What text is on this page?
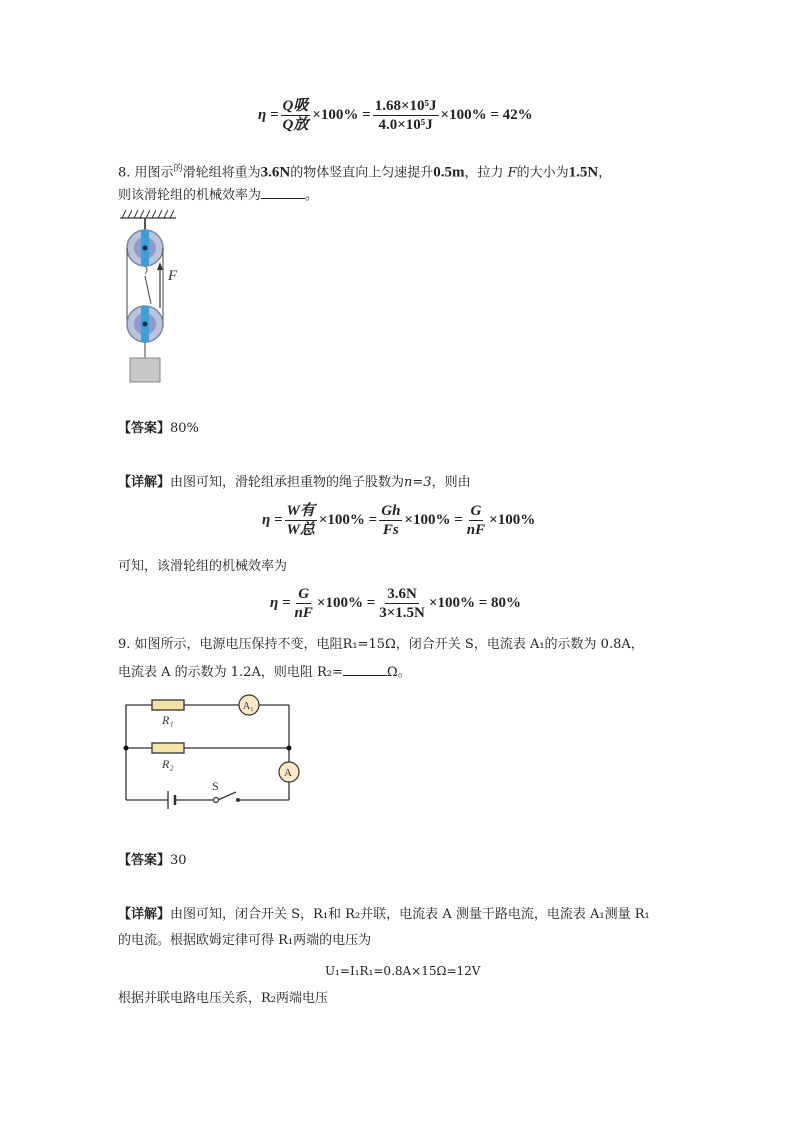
$\eta = \frac{\text{Q吸}}{\text{Q放}} \times 100\% = \frac{\text{1.68×10⁵J}}{\text{4.0×10⁵J}} \times 100\% = 42\%$
8. 用图示$^的$滑轮组将重为3.6N的物体竖直向上匀速提升0.5m，拉力 F的大小为1.5N，
则该滑轮组的机械效率为	。
F
【答案】80%
【详解】由图可知，滑轮组承担重物的绳子股数为n=3，则由
$\eta = \frac{\text{W有}}{\text{W总}} \times 100\% = \frac{Gh}{Fs} \times 100\% = \frac{G}{nF} \times 100\%$
可知，该滑轮组的机械效率为
$\eta = \frac{G}{nF} \times 100\% = \frac{3.6N}{3\times 1.5N} \times 100\% = 80\%$
9. 如图所示，电源电压保持不变，电阻R₁=15Ω，闭合开关 S，电流表 A₁的示数为 0.8A，
电流表 A 的示数为 1.2A，则电阻 R₂=	Ω。
R₁
R₂
A₁
A
S
【答案】30
【详解】由图可知，闭合开关 S，R₁和 R₂并联，电流表 A 测量干路电流，电流表 A₁测量 R₁
的电流。根据欧姆定律可得 R₁两端的电压为
U₁=I₁R₁=0.8A×15Ω=12V
根据并联电路电压关系，R₂两端电压
